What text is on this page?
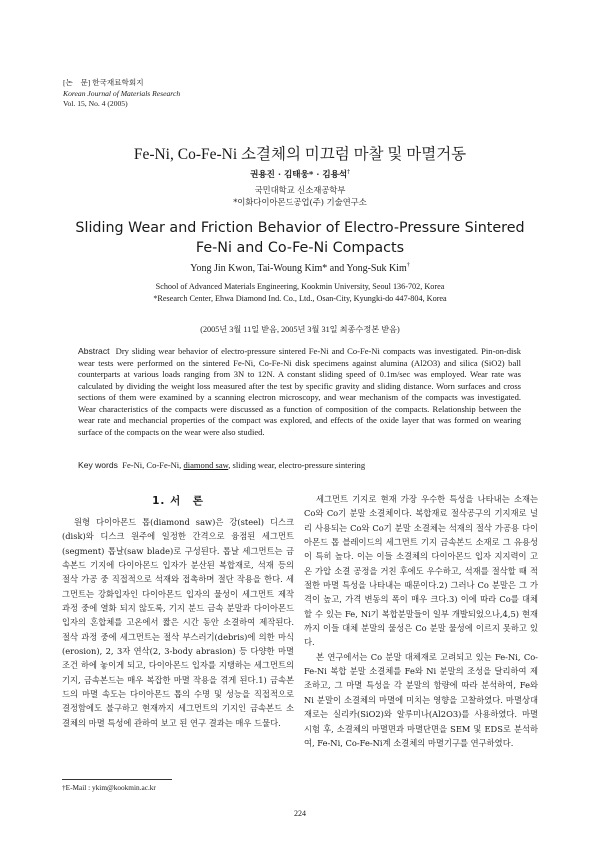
[논　문] 한국재료학회지
Korean Journal of Materials Research
Vol. 15, No. 4 (2005)
Fe-Ni, Co-Fe-Ni 소결체의 미끄럼 마찰 및 마멸거동
권용진 · 김태웅* · 김용석†
국민대학교 신소재공학부
*이화다이아몬드공업(주) 기술연구소
Sliding Wear and Friction Behavior of Electro-Pressure Sintered
Fe-Ni and Co-Fe-Ni Compacts
Yong Jin Kwon, Tai-Woung Kim* and Yong-Suk Kim†
School of Advanced Materials Engineering, Kookmin University, Seoul 136-702, Korea
*Research Center, Ehwa Diamond Ind. Co., Ltd., Osan-City, Kyungki-do 447-804, Korea
(2005년 3월 11일 받음, 2005년 3월 31일 최종수정본 받음)
Abstract Dry sliding wear behavior of electro-pressure sintered Fe-Ni and Co-Fe-Ni compacts was investigated. Pin-on-disk wear tests were performed on the sintered Fe-Ni, Co-Fe-Ni disk specimens against alumina (Al2O3) and silica (SiO2) ball counterparts at various loads ranging from 3N to 12N. A constant sliding speed of 0.1m/sec was employed. Wear rate was calculated by dividing the weight loss measured after the test by specific gravity and sliding distance. Worn surfaces and cross sections of them were examined by a scanning electron microscopy, and wear mechanism of the compacts was investigated. Wear characteristics of the compacts were discussed as a function of composition of the compacts. Relationship between the wear rate and mechancial properties of the compact was explored, and effects of the oxide layer that was formed on wearing surface of the compacts on the wear were also studied.
Key words Fe-Ni, Co-Fe-Ni, diamond saw, sliding wear, electro-pressure sintering
1. 서　론

원형 다이아몬드 톱(diamond saw)은 강(steel) 디스크(disk)와 디스크 원주에 일정한 간격으로 융점된 세그먼트(segment) 톱날(saw blade)로 구성된다. 톱날 세그먼트는 금속본드 기지에 다이아몬드 입자가 분산된 복합재로, 석재 등의 절삭 가공 중 직접적으로 석재와 접촉하며 절단 작용을 한다. 세그먼트는 강화입자인 다이아몬드 입자의 물성이 세그먼트 제작 과정 중에 열화 되지 않도록, 기지 분드 금속 분말과 다이아몬드 입자의 혼합체를 고온에서 짧은 시간 동안 소결하여 제작된다. 절삭 과정 중에 세그먼트는 절삭 부스러기(debris)에 의한 마식(erosion), 2, 3자 연삭(2, 3-body abrasion) 등 다양한 마멸 조건 하에 놓이게 되고, 다이아몬드 입자를 지탱하는 세그먼트의 기지, 금속본드는 매우 복잡한 마멸 작용을 겪게 된다.1) 금속본드의 마멸 속도는 다이아몬드 톱의 수명 및 성능을 직접적으로 결정함에도 불구하고 현재까지 세그먼트의 기지인 금속본드 소결체의 마멸 특성에 관하여 보고 된 연구 결과는 매우 드물다.

세그먼트 기지로 현재 가장 우수한 특성을 나타내는 소재는 Co와 Co기 분말 소결체이다. 복합재료 절삭공구의 기지재로 널리 사용되는 Co와 Co기 분말 소결체는 석재의 절삭 가공용 다이아몬드 톱 블레이드의 세그먼트 기지 금속본드 소재로 그 유용성이 특히 높다. 이는 이들 소결체의 다이아몬드 입자 지지력이 고온 가압 소결 공정을 거친 후에도 우수하고, 석재를 절삭할 때 적절한 마멸 특성을 나타내는 때문이다.2) 그러나 Co 분말은 그 가격이 높고, 가격 변동의 폭이 매우 크다.3) 이에 따라 Co를 대체할 수 있는 Fe, Ni기 복합분말들이 일부 개발되었으나,4,5) 현재까지 이들 대체 분말의 물성은 Co 분말 물성에 이르지 못하고 있다.

본 연구에서는 Co 분말 대체재로 고려되고 있는 Fe-Ni, Co-Fe-Ni 복합 분말 소결체를 Fe와 Ni 분말의 조성을 달리하여 제조하고, 그 마멸 특성을 각 분말의 함량에 따라 분석하여, Fe와 Ni 분말이 소결체의 마멸에 미치는 영향을 고찰하였다. 마멸상대재로는 실리카(SiO2)와 알루미나(Al2O3)를 사용하였다. 마멸 시험 후, 소결체의 마멸면과 마멸단면을 SEM 및 EDS로 분석하여, Fe-Ni, Co-Fe-Ni계 소결체의 마멸기구를 연구하였다.

†E-Mail : ykim@kookmin.ac.kr
224
